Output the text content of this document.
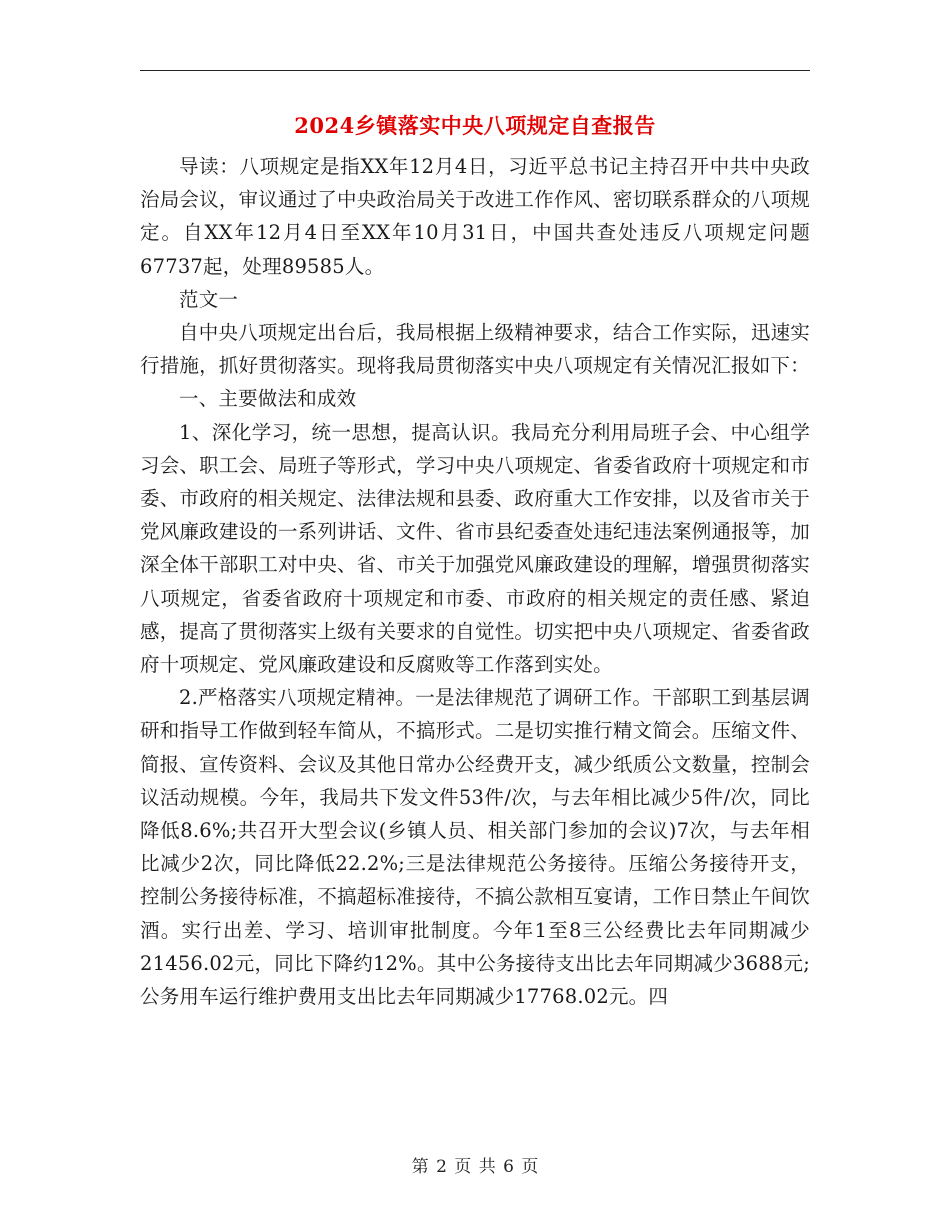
2024乡镇落实中央八项规定自查报告

导读：八项规定是指XX年12月4日，习近平总书记主持召开中共中央政治局会议，审议通过了中央政治局关于改进工作作风、密切联系群众的八项规定。自XX年12月4日至XX年10月31日，中国共查处违反八项规定问题67737起，处理89585人。

范文一

自中央八项规定出台后，我局根据上级精神要求，结合工作实际，迅速实行措施，抓好贯彻落实。现将我局贯彻落实中央八项规定有关情况汇报如下：

一、主要做法和成效

1、深化学习，统一思想，提高认识。我局充分利用局班子会、中心组学习会、职工会、局班子等形式，学习中央八项规定、省委省政府十项规定和市委、市政府的相关规定、法律法规和县委、政府重大工作安排，以及省市关于党风廉政建设的一系列讲话、文件、省市县纪委查处违纪违法案例通报等，加深全体干部职工对中央、省、市关于加强党风廉政建设的理解，增强贯彻落实八项规定，省委省政府十项规定和市委、市政府的相关规定的责任感、紧迫感，提高了贯彻落实上级有关要求的自觉性。切实把中央八项规定、省委省政府十项规定、党风廉政建设和反腐败等工作落到实处。

2.严格落实八项规定精神。一是法律规范了调研工作。干部职工到基层调研和指导工作做到轻车简从，不搞形式。二是切实推行精文简会。压缩文件、简报、宣传资料、会议及其他日常办公经费开支，减少纸质公文数量，控制会议活动规模。今年，我局共下发文件53件/次，与去年相比减少5件/次，同比降低8.6%;共召开大型会议(乡镇人员、相关部门参加的会议)7次，与去年相比减少2次，同比降低22.2%;三是法律规范公务接待。压缩公务接待开支，控制公务接待标准，不搞超标准接待，不搞公款相互宴请，工作日禁止午间饮酒。实行出差、学习、培训审批制度。今年1至8三公经费比去年同期减少21456.02元，同比下降约12%。其中公务接待支出比去年同期减少3688元;公务用车运行维护费用支出比去年同期减少17768.02元。四

第 2 页 共 6 页
